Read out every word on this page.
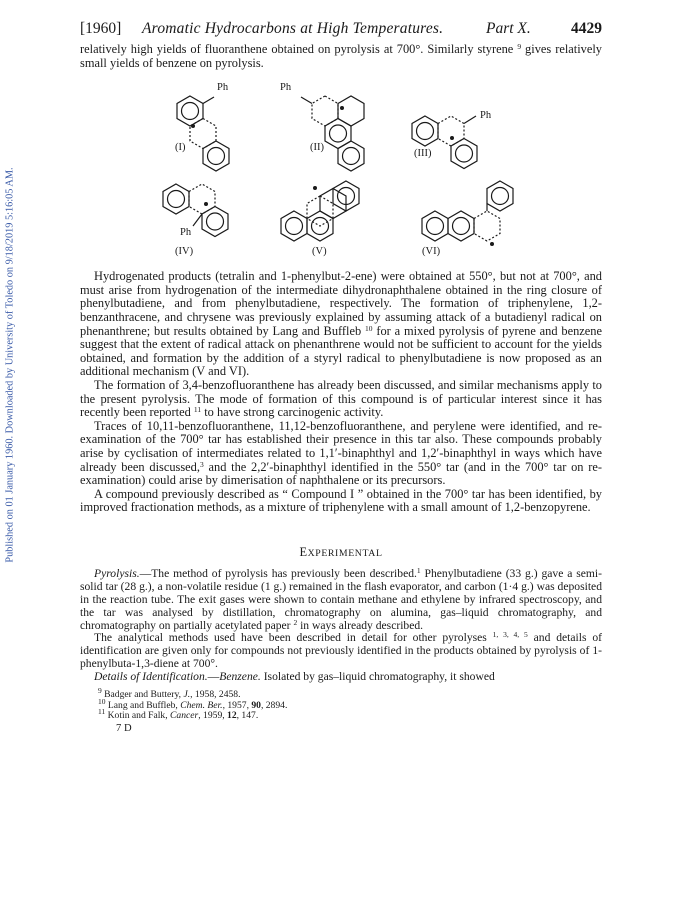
Published on 01 January 1960. Downloaded by University of Toledo on 9/18/2019 5:16:05 AM.
[1960] Aromatic Hydrocarbons at High Temperatures.	Part X.	4429

relatively high yields of fluoranthene obtained on pyrolysis at 700°. Similarly styrene $^9$ gives relatively small yields of benzene on pyrolysis.

Ph	Ph
Ph
Ph
(I)	(II)
(III)
(IV)	(V)	(VI)

Hydrogenated products (tetralin and 1-phenylbut-2-ene) were obtained at 550°, but not at 700°, and must arise from hydrogenation of the intermediate dihydronaphthalene obtained in the ring closure of phenylbutadiene, and from phenylbutadiene, respectively. The formation of triphenylene, 1,2-benzanthracene, and chrysene was previously explained by assuming attack of a butadienyl radical on phenanthrene; but results obtained by Lang and Buffleb $^{10}$ for a mixed pyrolysis of pyrene and benzene suggest that the extent of radical attack on phenanthrene would not be sufficient to account for the yields obtained, and formation by the addition of a styryl radical to phenylbutadiene is now proposed as an additional mechanism (V and VI).

The formation of 3,4-benzofluoranthene has already been discussed, and similar mechanisms apply to the present pyrolysis. The mode of formation of this compound is of particular interest since it has recently been reported $^{11}$ to have strong carcinogenic activity.

Traces of 10,11-benzofluoranthene, 11,12-benzofluoranthene, and perylene were identified, and re-examination of the 700° tar has established their presence in this tar also. These compounds probably arise by cyclisation of intermediates related to 1,1′-binaphthyl and 1,2′-binaphthyl in ways which have already been discussed,$^3$ and the 2,2′-binaphthyl identified in the 550° tar (and in the 700° tar on re-examination) could arise by dimerisation of naphthalene or its precursors.

A compound previously described as “ Compound I ” obtained in the 700° tar has been identified, by improved fractionation methods, as a mixture of triphenylene with a small amount of 1,2-benzopyrene.

EXPERIMENTAL

Pyrolysis.—The method of pyrolysis has previously been described.$^1$ Phenylbutadiene (33 g.) gave a semi-solid tar (28 g.), a non-volatile residue (1 g.) remained in the flash evaporator, and carbon (1·4 g.) was deposited in the reaction tube. The exit gases were shown to contain methane and ethylene by infrared spectroscopy, and the tar was analysed by distillation, chromatography on alumina, gas–liquid chromatography, and chromatography on partially acetylated paper $^2$ in ways already described.

The analytical methods used have been described in detail for other pyrolyses $^{1, 3, 4, 5}$ and details of identification are given only for compounds not previously identified in the products obtained by pyrolysis of 1-phenylbuta-1,3-diene at 700°.

Details of Identification.—Benzene. Isolated by gas–liquid chromatography, it showed

$^9$ Badger and Buttery, J., 1958, 2458.
$^{10}$ Lang and Buffleb, Chem. Ber., 1957, 90, 2894.
$^{11}$ Kotin and Falk, Cancer, 1959, 12, 147.
7 D
